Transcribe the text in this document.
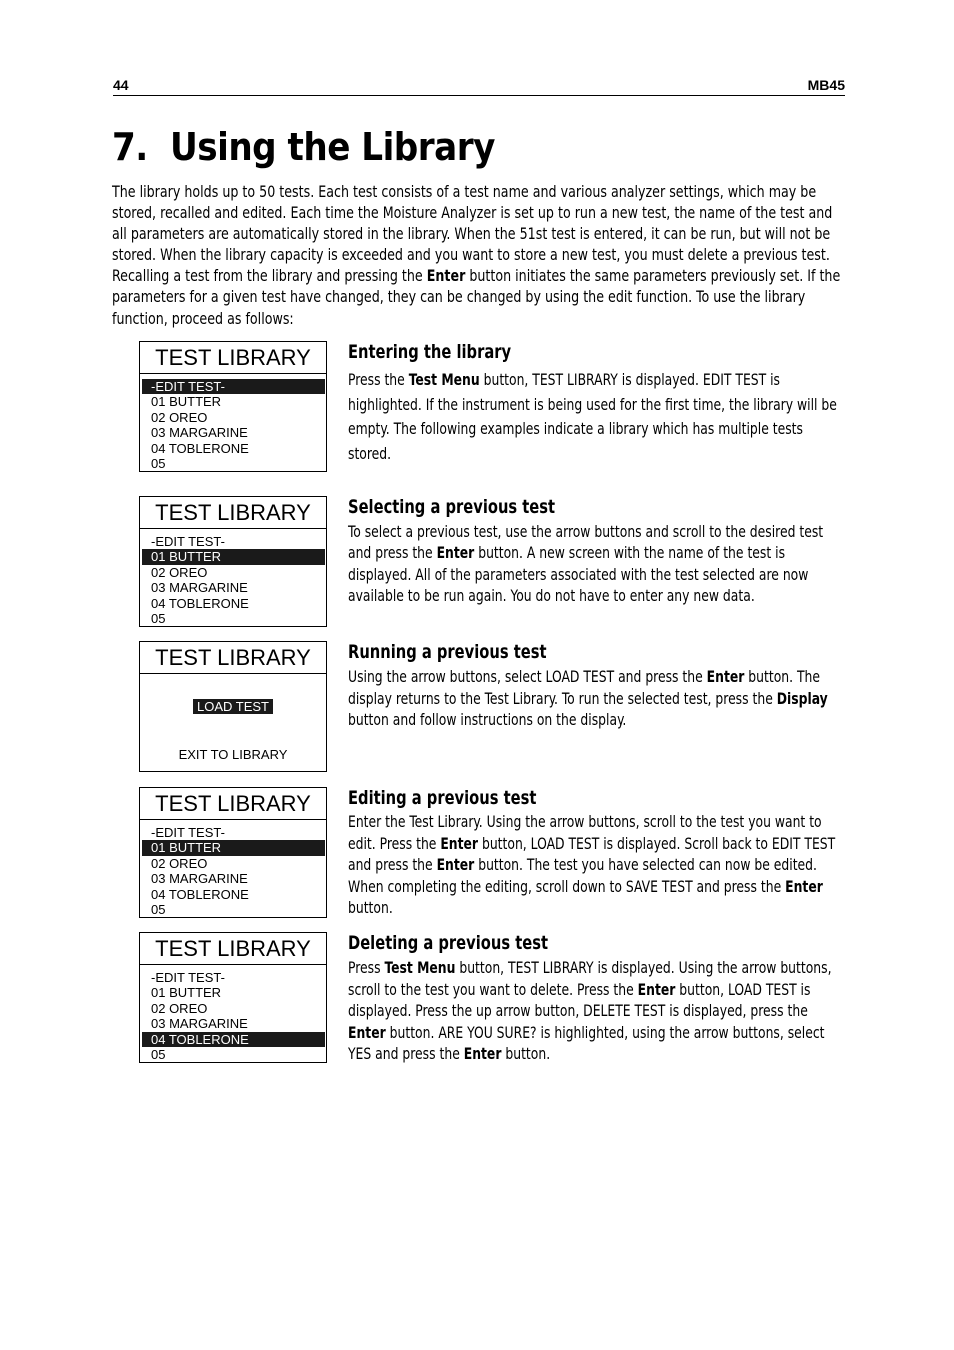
44	MB45
7. Using the Library
The library holds up to 50 tests. Each test consists of a test name and various analyzer settings, which may be stored, recalled and edited. Each time the Moisture Analyzer is set up to run a new test, the name of the test and all parameters are automatically stored in the library. When the 51st test is entered, it can be run, but will not be stored. When the library capacity is exceeded and you want to store a new test, you must delete a previous test. Recalling a test from the library and pressing the Enter button initiates the same parameters previously set. If the parameters for a given test have changed, they can be changed by using the edit function. To use the library function, proceed as follows:
TEST LIBRARY
-EDIT TEST-
01 BUTTER
02 OREO
03 MARGARINE
04 TOBLERONE
05
Entering the library
Press the Test Menu button, TEST LIBRARY is displayed. EDIT TEST is highlighted. If the instrument is being used for the first time, the library will be empty. The following examples indicate a library which has multiple tests stored.
TEST LIBRARY
-EDIT TEST-
01 BUTTER
02 OREO
03 MARGARINE
04 TOBLERONE
05
Selecting a previous test
To select a previous test, use the arrow buttons and scroll to the desired test and press the Enter button. A new screen with the name of the test is displayed. All of the parameters associated with the test selected are now available to be run again. You do not have to enter any new data.
TEST LIBRARY
LOAD TEST
EXIT TO LIBRARY
Running a previous test
Using the arrow buttons, select LOAD TEST and press the Enter button. The display returns to the Test Library. To run the selected test, press the Display button and follow instructions on the display.
TEST LIBRARY
-EDIT TEST-
01 BUTTER
02 OREO
03 MARGARINE
04 TOBLERONE
05
Editing a previous test
Enter the Test Library. Using the arrow buttons, scroll to the test you want to edit. Press the Enter button, LOAD TEST is displayed. Scroll back to EDIT TEST and press the Enter button. The test you have selected can now be edited. When completing the editing, scroll down to SAVE TEST and press the Enter button.
TEST LIBRARY
-EDIT TEST-
01 BUTTER
02 OREO
03 MARGARINE
04 TOBLERONE
05
Deleting a previous test
Press Test Menu button, TEST LIBRARY is displayed. Using the arrow buttons, scroll to the test you want to delete. Press the Enter button, LOAD TEST is displayed. Press the up arrow button, DELETE TEST is displayed, press the Enter button. ARE YOU SURE? is highlighted, using the arrow buttons, select YES and press the Enter button.
